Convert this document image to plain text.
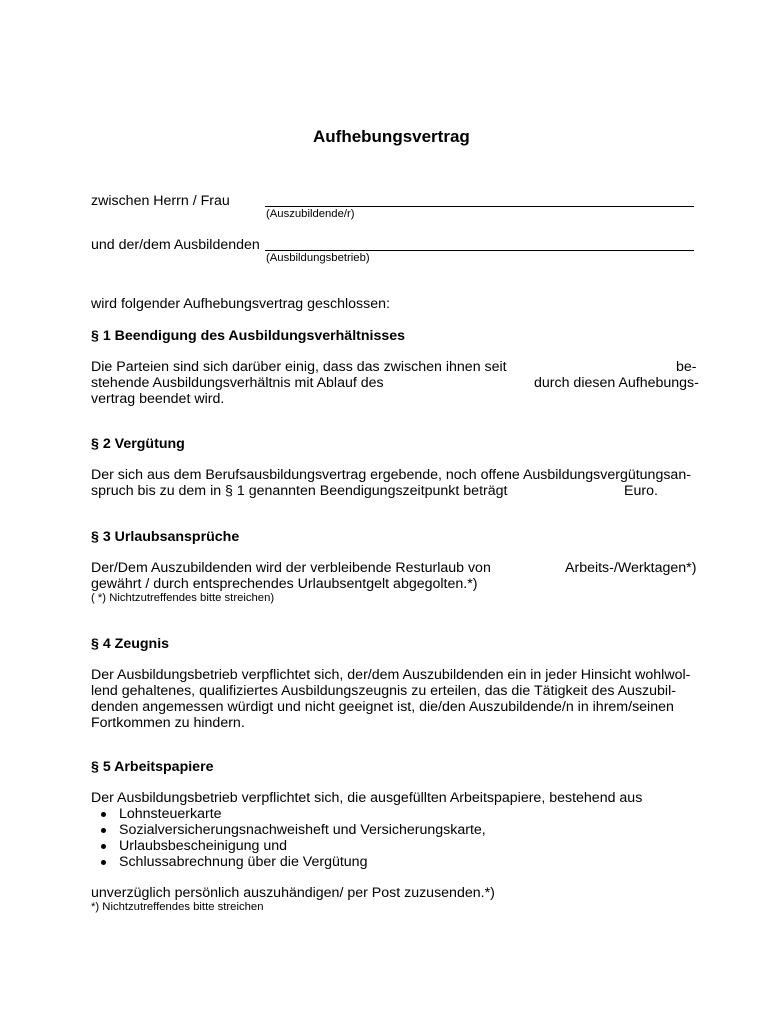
Aufhebungsvertrag
zwischen Herrn / Frau
(Auszubildende/r)
und der/dem Ausbildenden
(Ausbildungsbetrieb)
wird folgender Aufhebungsvertrag geschlossen:
§ 1 Beendigung des Ausbildungsverhältnisses
Die Parteien sind sich darüber einig, dass das zwischen ihnen seit	be-
stehende Ausbildungsverhältnis mit Ablauf des	durch diesen Aufhebungs-
vertrag beendet wird.
§ 2 Vergütung
Der sich aus dem Berufsausbildungsvertrag ergebende, noch offene Ausbildungsvergütungsan-
spruch bis zu dem in § 1 genannten Beendigungszeitpunkt beträgt	Euro.
§ 3 Urlaubsansprüche
Der/Dem Auszubildenden wird der verbleibende Resturlaub von	Arbeits-/Werktagen*)
gewährt / durch entsprechendes Urlaubsentgelt abgegolten.*)
( *) Nichtzutreffendes bitte streichen)
§ 4 Zeugnis
Der Ausbildungsbetrieb verpflichtet sich, der/dem Auszubildenden ein in jeder Hinsicht wohlwol-
lend gehaltenes, qualifiziertes Ausbildungszeugnis zu erteilen, das die Tätigkeit des Auszubil-
denden angemessen würdigt und nicht geeignet ist, die/den Auszubildende/n in ihrem/seinen
Fortkommen zu hindern.
§ 5 Arbeitspapiere
Der Ausbildungsbetrieb verpflichtet sich, die ausgefüllten Arbeitspapiere, bestehend aus
Lohnsteuerkarte
Sozialversicherungsnachweisheft und Versicherungskarte,
Urlaubsbescheinigung und
Schlussabrechnung über die Vergütung
unverzüglich persönlich auszuhändigen/ per Post zuzusenden.*)
*) Nichtzutreffendes bitte streichen
